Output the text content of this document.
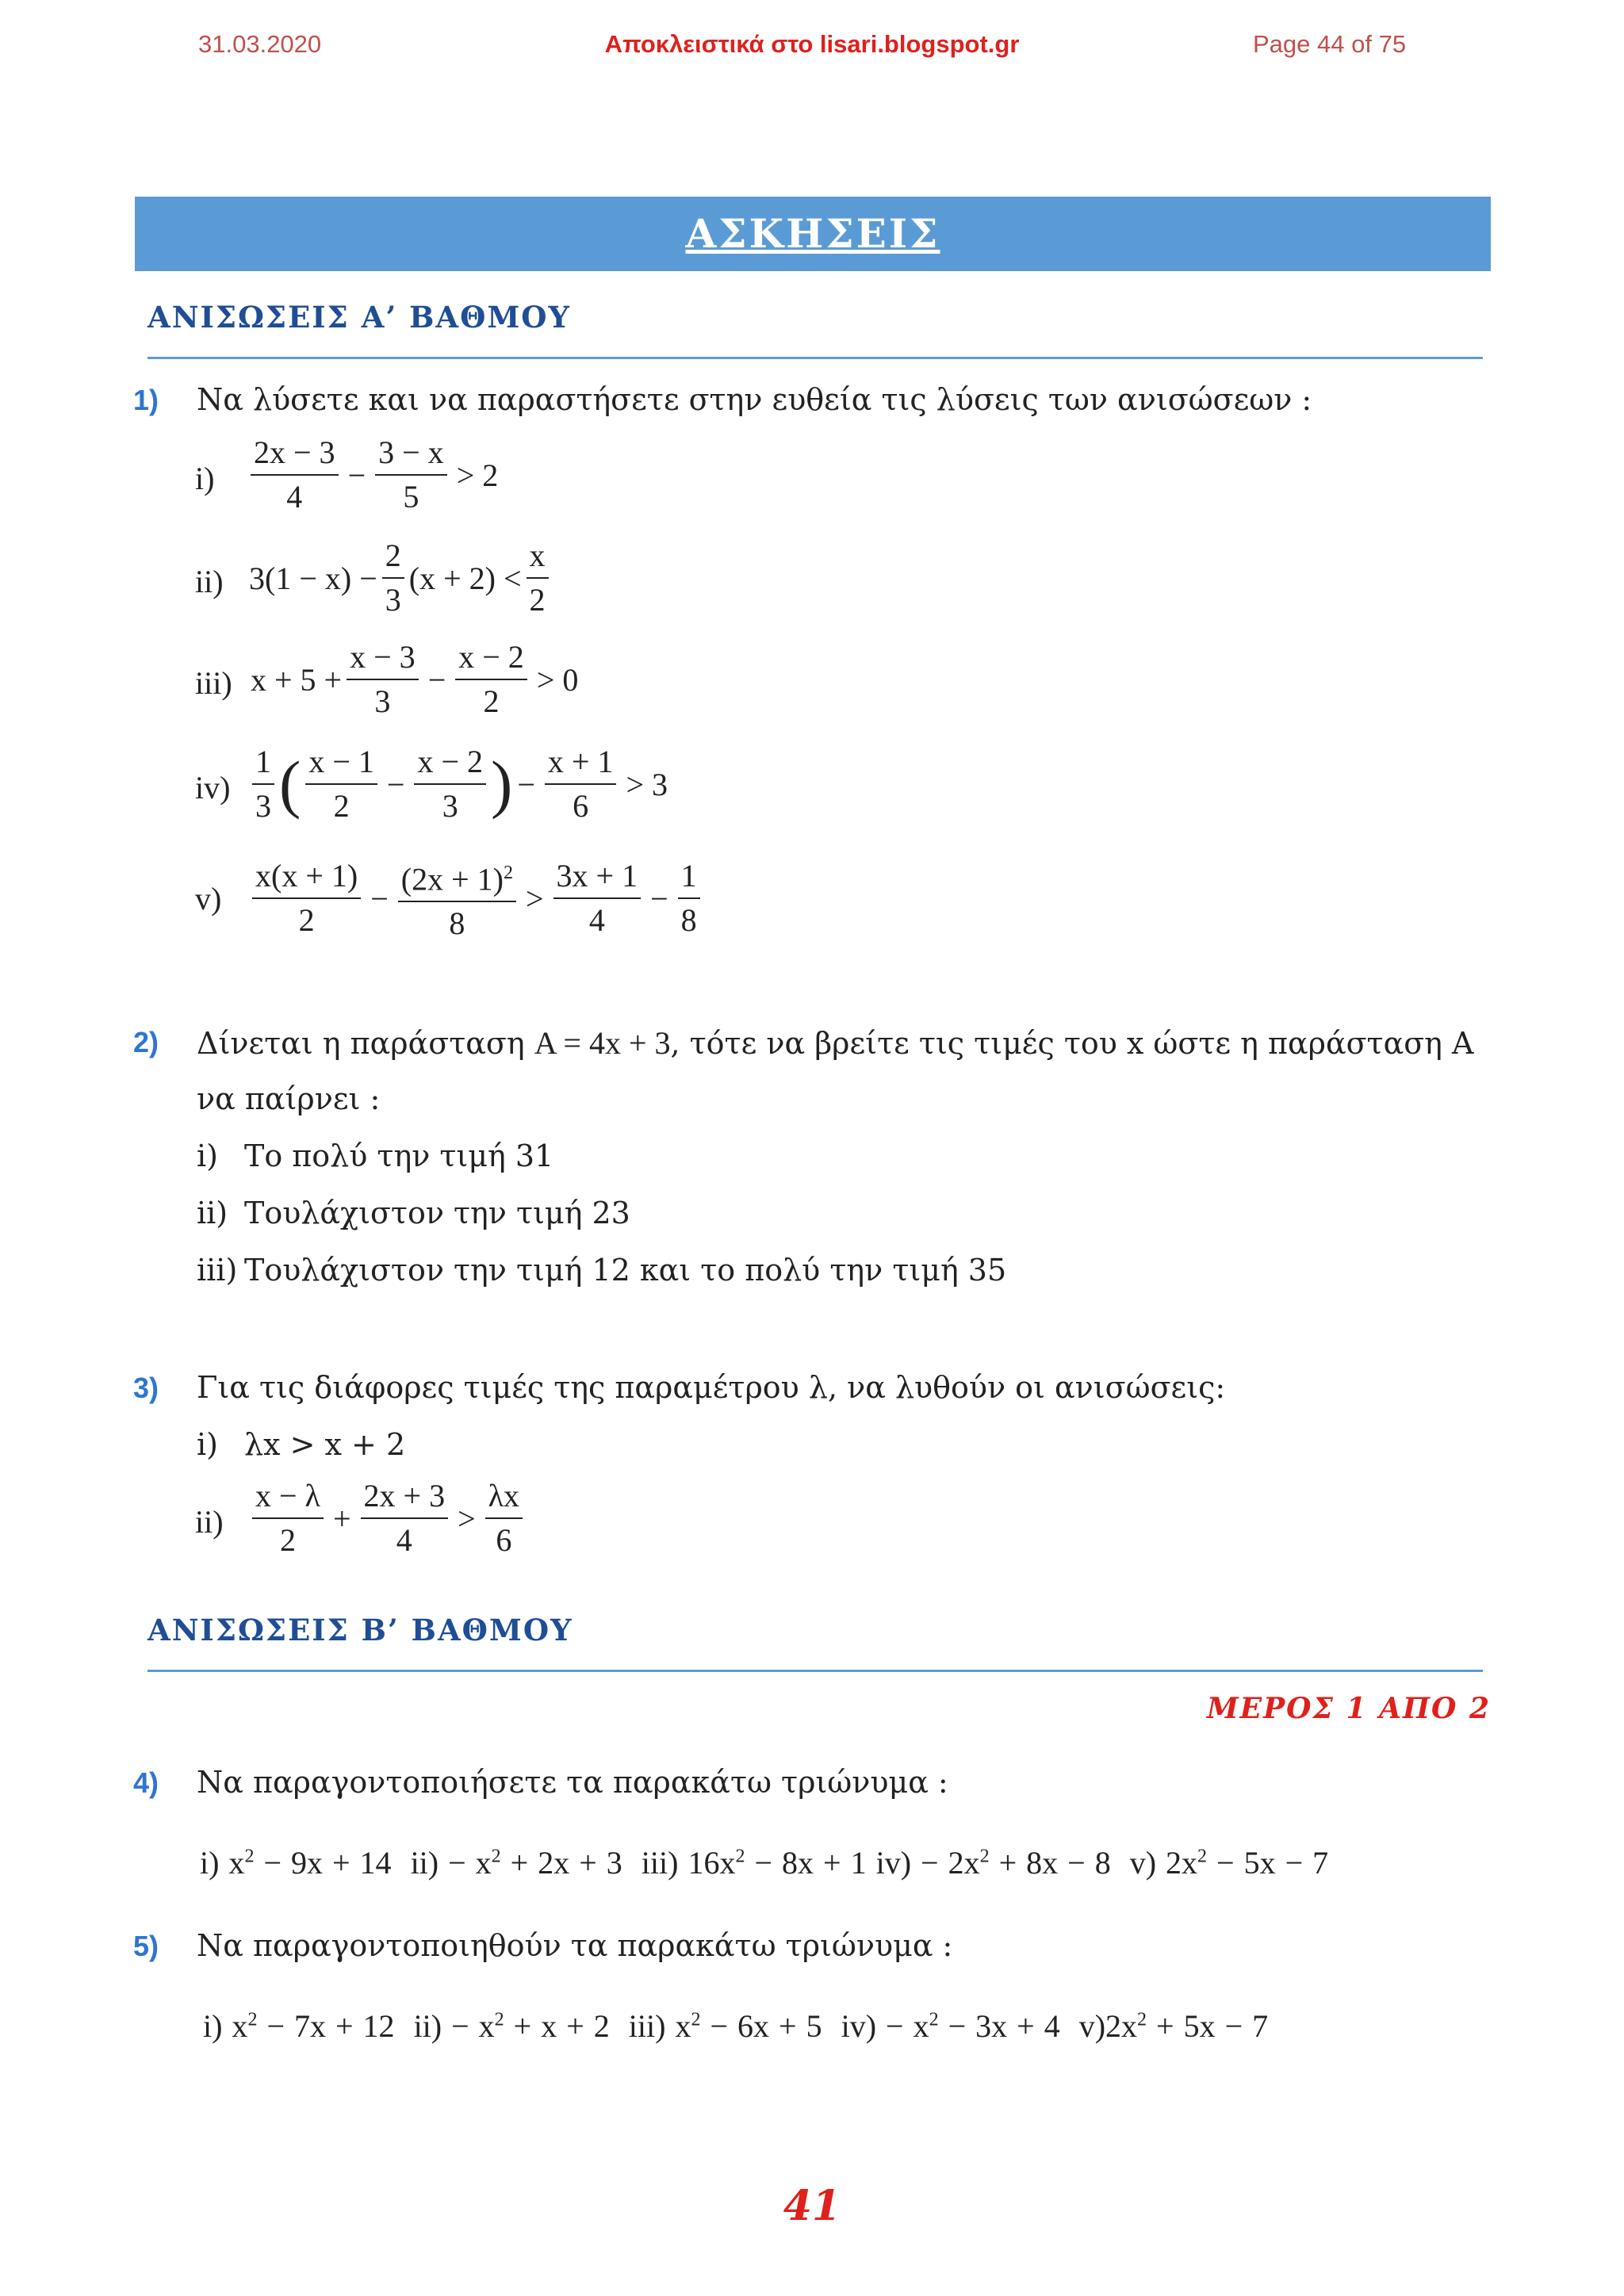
31.03.2020	Αποκλειστικά στο lisari.blogspot.gr	Page 44 of 75
ΑΣΚΗΣΕΙΣ
ΑΝΙΣΩΣΕΙΣ Α’ ΒΑΘΜΟΥ
1) Να λύσετε και να παραστήσετε στην ευθεία τις λύσεις των ανισώσεων :
i)
2x − 3
4
− $\frac{3 - x}{5} > 2$
ii) $3(1 - x) - \frac{2}{3} (x + 2)$ <
x
2
iii) $x + 5 + \frac{x - 3}{3} - \frac{x - 2}{2} > 0$
iv)
1
3 ( x − 1
2
− $\frac{x - 2}{3}$ ) − $\frac{x + 1}{6} > 3$
v)
x(x + 1)
2
− $\frac{(2x + 1)^2}{8}$ >
3x + 1
4
− $\frac{1}{8}$
2) Δίνεται η παράσταση A = 4x + 3, τότε να βρείτε τις τιμές του x ώστε η παράσταση Α
να παίρνει :
i) Το πολύ την τιμή 31
ii) Τουλάχιστον την τιμή 23
iii) Τουλάχιστον την τιμή 12 και το πολύ την τιμή 35
3) Για τις διάφορες τιμές της παραμέτρου λ, να λυθούν οι ανισώσεις:
i) λx > x + 2
ii)
x − λ
2
+ $\frac{2x + 3}{4}$ >
λx
6
ΑΝΙΣΩΣΕΙΣ Β’ ΒΑΘΜΟΥ
ΜΕΡΟΣ 1 ΑΠΟ 2
4) Να παραγοντοποιήσετε τα παρακάτω τριώνυμα :
i) $x^2 - 9x + 14$ $ii) - x^2 + 2x + 3$ iii) $16x^2 - 8x + 1$ $iv) - 2x^2 + 8x - 8$ v) $2x^2 - 5x - 7$
5) Να παραγοντοποιηθούν τα παρακάτω τριώνυμα :
i) $x^2 - 7x + 12$ $ii) - x^2 + x + 2$ iii) $x^2 - 6x + 5$ $iv) - x^2 - 3x + 4$ $v)2x^2 + 5x - 7$
41
